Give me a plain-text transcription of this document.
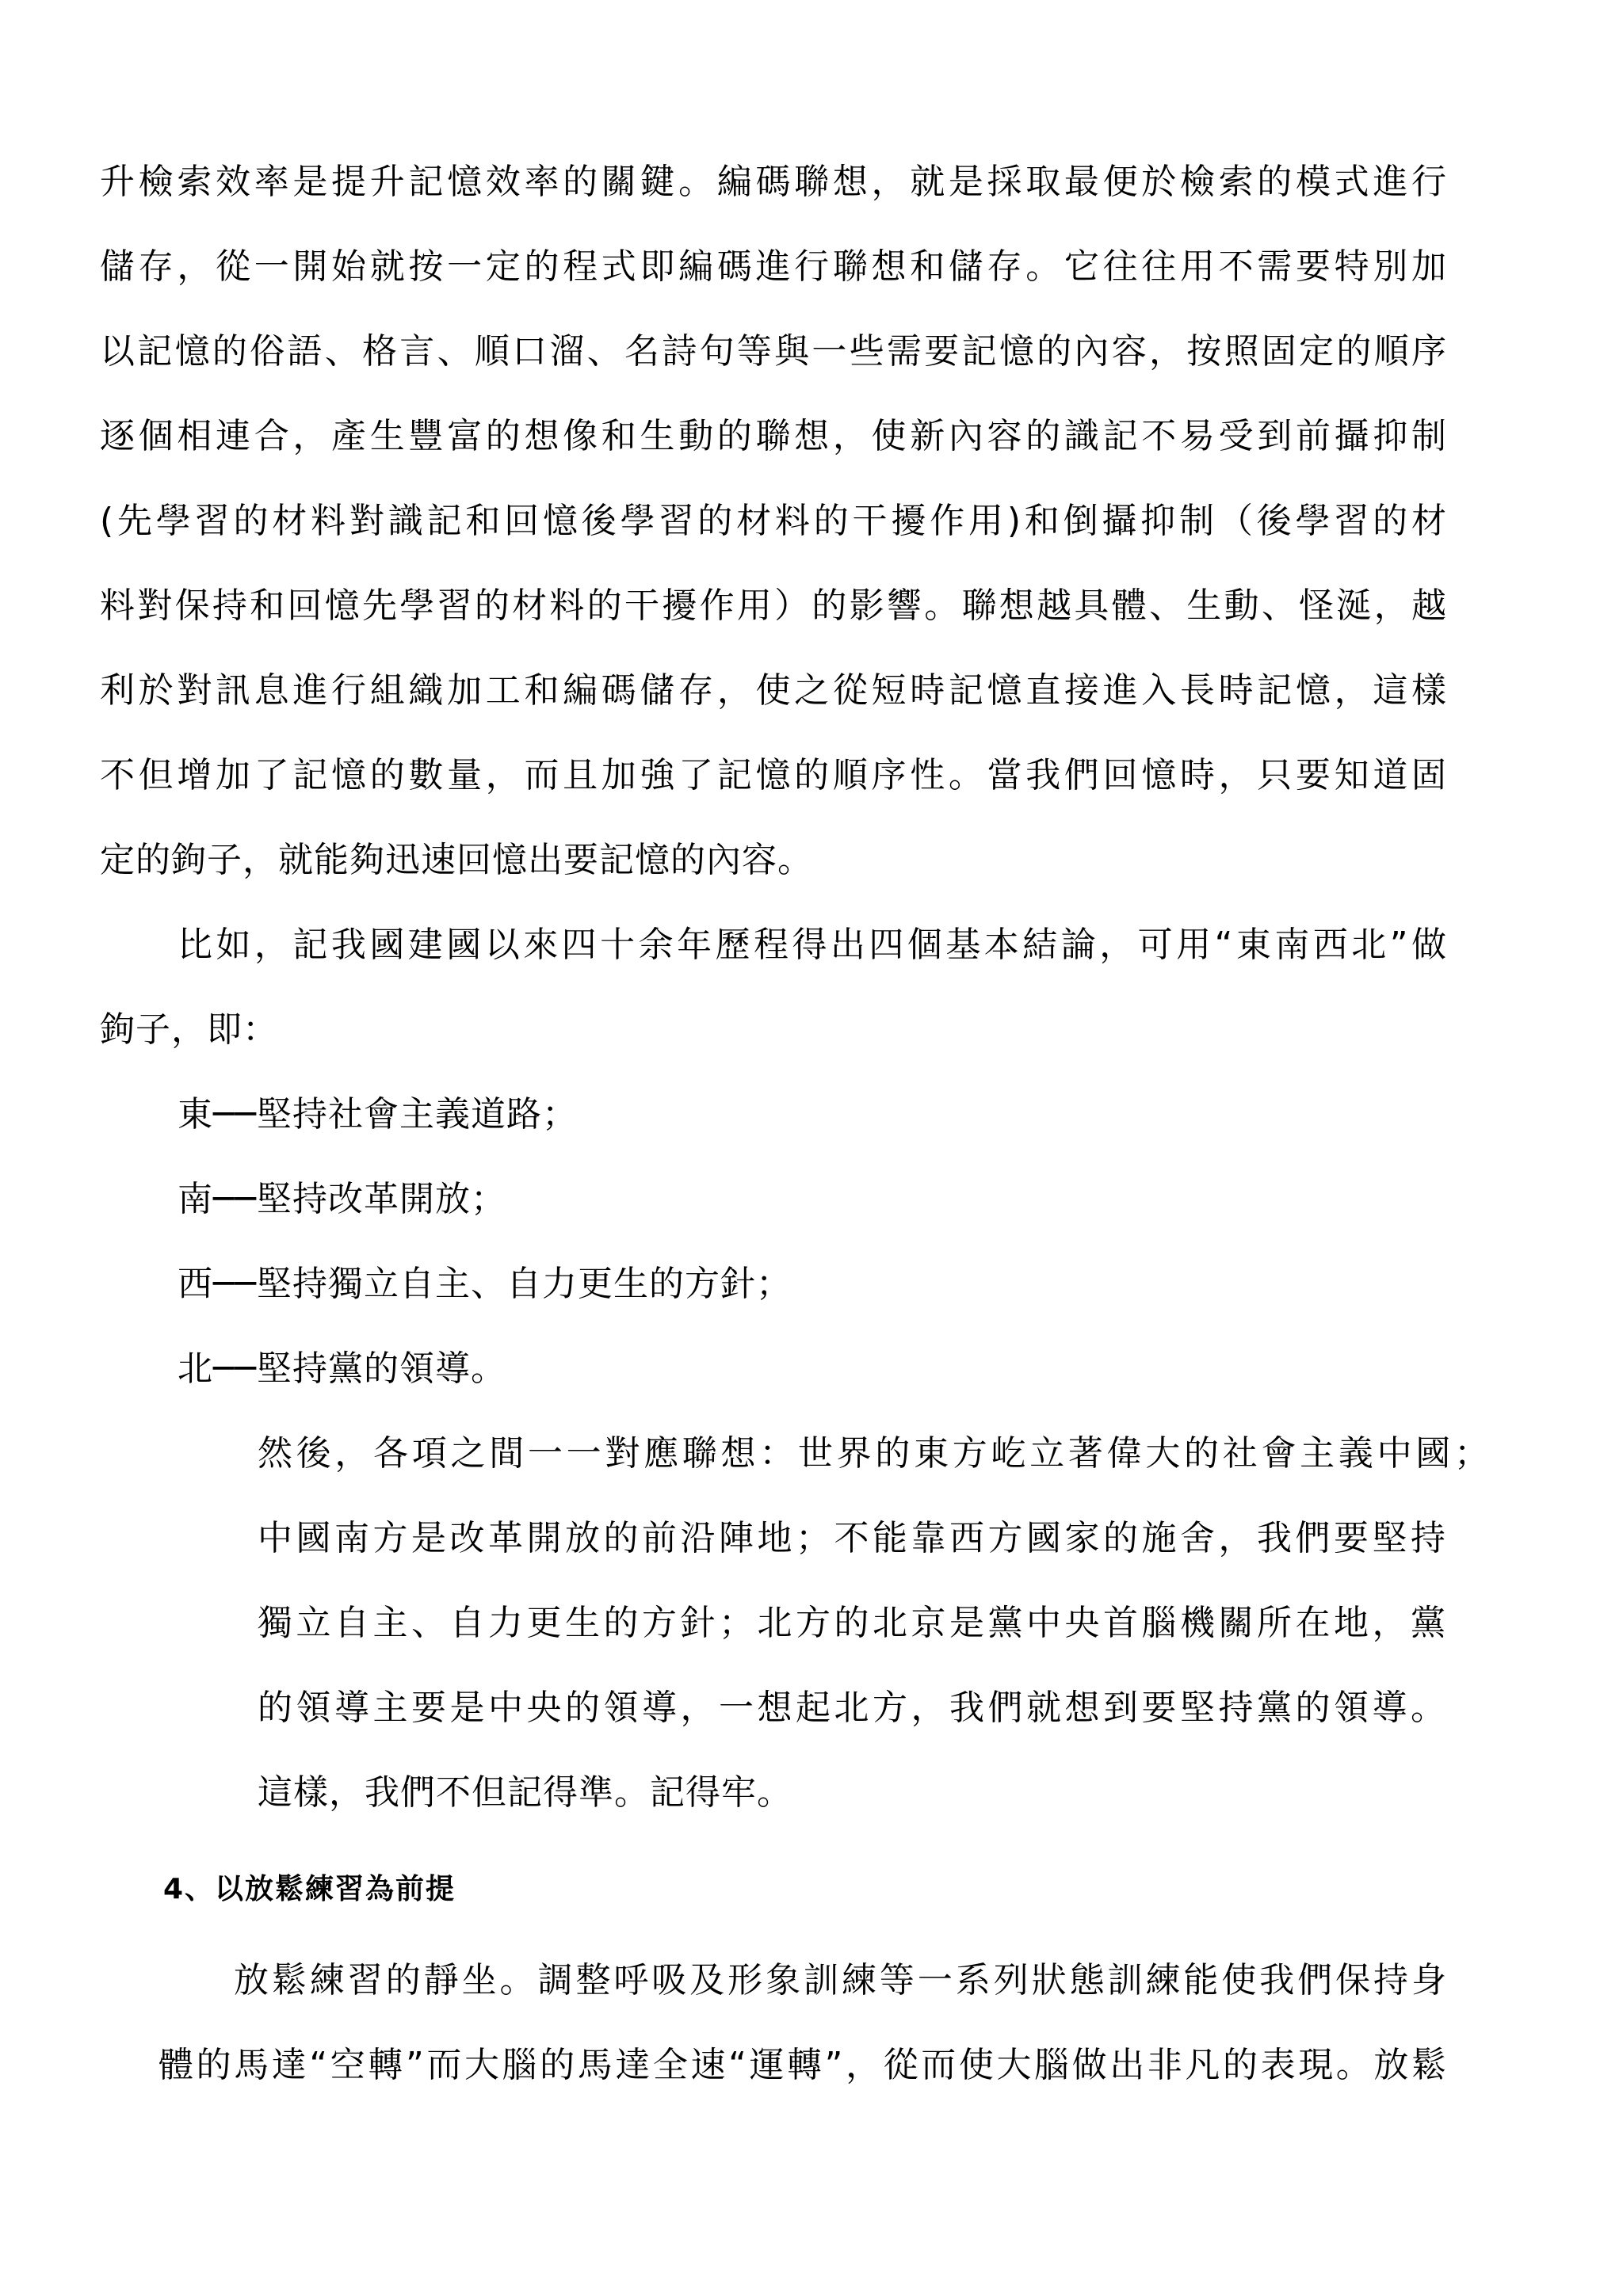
升檢索效率是提升記憶效率的關鍵。編碼聯想，就是採取最便於檢索的模式進行
儲存，從一開始就按一定的程式即編碼進行聯想和儲存。它往往用不需要特別加
以記憶的俗語、格言、順口溜、名詩句等與一些需要記憶的內容，按照固定的順序
逐個相連合，產生豐富的想像和生動的聯想，使新內容的識記不易受到前攝抑制
(先學習的材料對識記和回憶後學習的材料的干擾作用)和倒攝抑制（後學習的材
料對保持和回憶先學習的材料的干擾作用）的影響。聯想越具體、生動、怪涎，越
利於對訊息進行組織加工和編碼儲存，使之從短時記憶直接進入長時記憶，這樣
不但增加了記憶的數量，而且加強了記憶的順序性。當我們回憶時，只要知道固
定的鉤子，就能夠迅速回憶出要記憶的內容。
比如，記我國建國以來四十余年歷程得出四個基本結論，可用“東南西北”做
鉤子，即：
東──堅持社會主義道路；
南──堅持改革開放；
西──堅持獨立自主、自力更生的方針；
北──堅持黨的領導。
然後，各項之間一一對應聯想：世界的東方屹立著偉大的社會主義中國；
中國南方是改革開放的前沿陣地；不能靠西方國家的施舍，我們要堅持
獨立自主、自力更生的方針；北方的北京是黨中央首腦機關所在地，黨
的領導主要是中央的領導，一想起北方，我們就想到要堅持黨的領導。
這樣，我們不但記得準。記得牢。
4、以放鬆練習為前提
放鬆練習的靜坐。調整呼吸及形象訓練等一系列狀態訓練能使我們保持身
體的馬達“空轉”而大腦的馬達全速“運轉”，從而使大腦做出非凡的表現。放鬆
